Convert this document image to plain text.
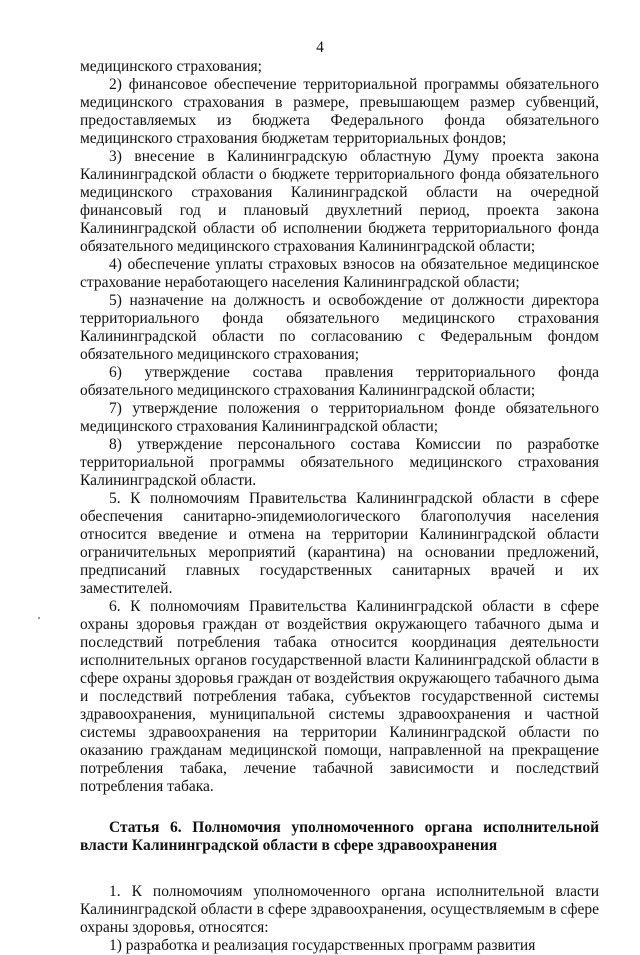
4

медицинского страхования;

2) финансовое обеспечение территориальной программы обязательного медицинского страхования в размере, превышающем размер субвенций, предоставляемых из бюджета Федерального фонда обязательного медицинского страхования бюджетам территориальных фондов;

3) внесение в Калининградскую областную Думу проекта закона Калининградской области о бюджете территориального фонда обязательного медицинского страхования Калининградской области на очередной финансовый год и плановый двухлетний период, проекта закона Калининградской области об исполнении бюджета территориального фонда обязательного медицинского страхования Калининградской области;

4) обеспечение уплаты страховых взносов на обязательное медицинское страхование неработающего населения Калининградской области;

5) назначение на должность и освобождение от должности директора территориального фонда обязательного медицинского страхования Калининградской области по согласованию с Федеральным фондом обязательного медицинского страхования;

6) утверждение состава правления территориального фонда обязательного медицинского страхования Калининградской области;

7) утверждение положения о территориальном фонде обязательного медицинского страхования Калининградской области;

8) утверждение персонального состава Комиссии по разработке территориальной программы обязательного медицинского страхования Калининградской области.

5. К полномочиям Правительства Калининградской области в сфере обеспечения санитарно-эпидемиологического благополучия населения относится введение и отмена на территории Калининградской области ограничительных мероприятий (карантина) на основании предложений, предписаний главных государственных санитарных врачей и их заместителей.

6. К полномочиям Правительства Калининградской области в сфере охраны здоровья граждан от воздействия окружающего табачного дыма и последствий потребления табака относится координация деятельности исполнительных органов государственной власти Калининградской области в сфере охраны здоровья граждан от воздействия окружающего табачного дыма и последствий потребления табака, субъектов государственной системы здравоохранения, муниципальной системы здравоохранения и частной системы здравоохранения на территории Калининградской области по оказанию гражданам медицинской помощи, направленной на прекращение потребления табака, лечение табачной зависимости и последствий потребления табака.

Статья 6. Полномочия уполномоченного органа исполнительной власти Калининградской области в сфере здравоохранения

1. К полномочиям уполномоченного органа исполнительной власти Калининградской области в сфере здравоохранения, осуществляемым в сфере охраны здоровья, относятся:

1) разработка и реализация государственных программ развития
